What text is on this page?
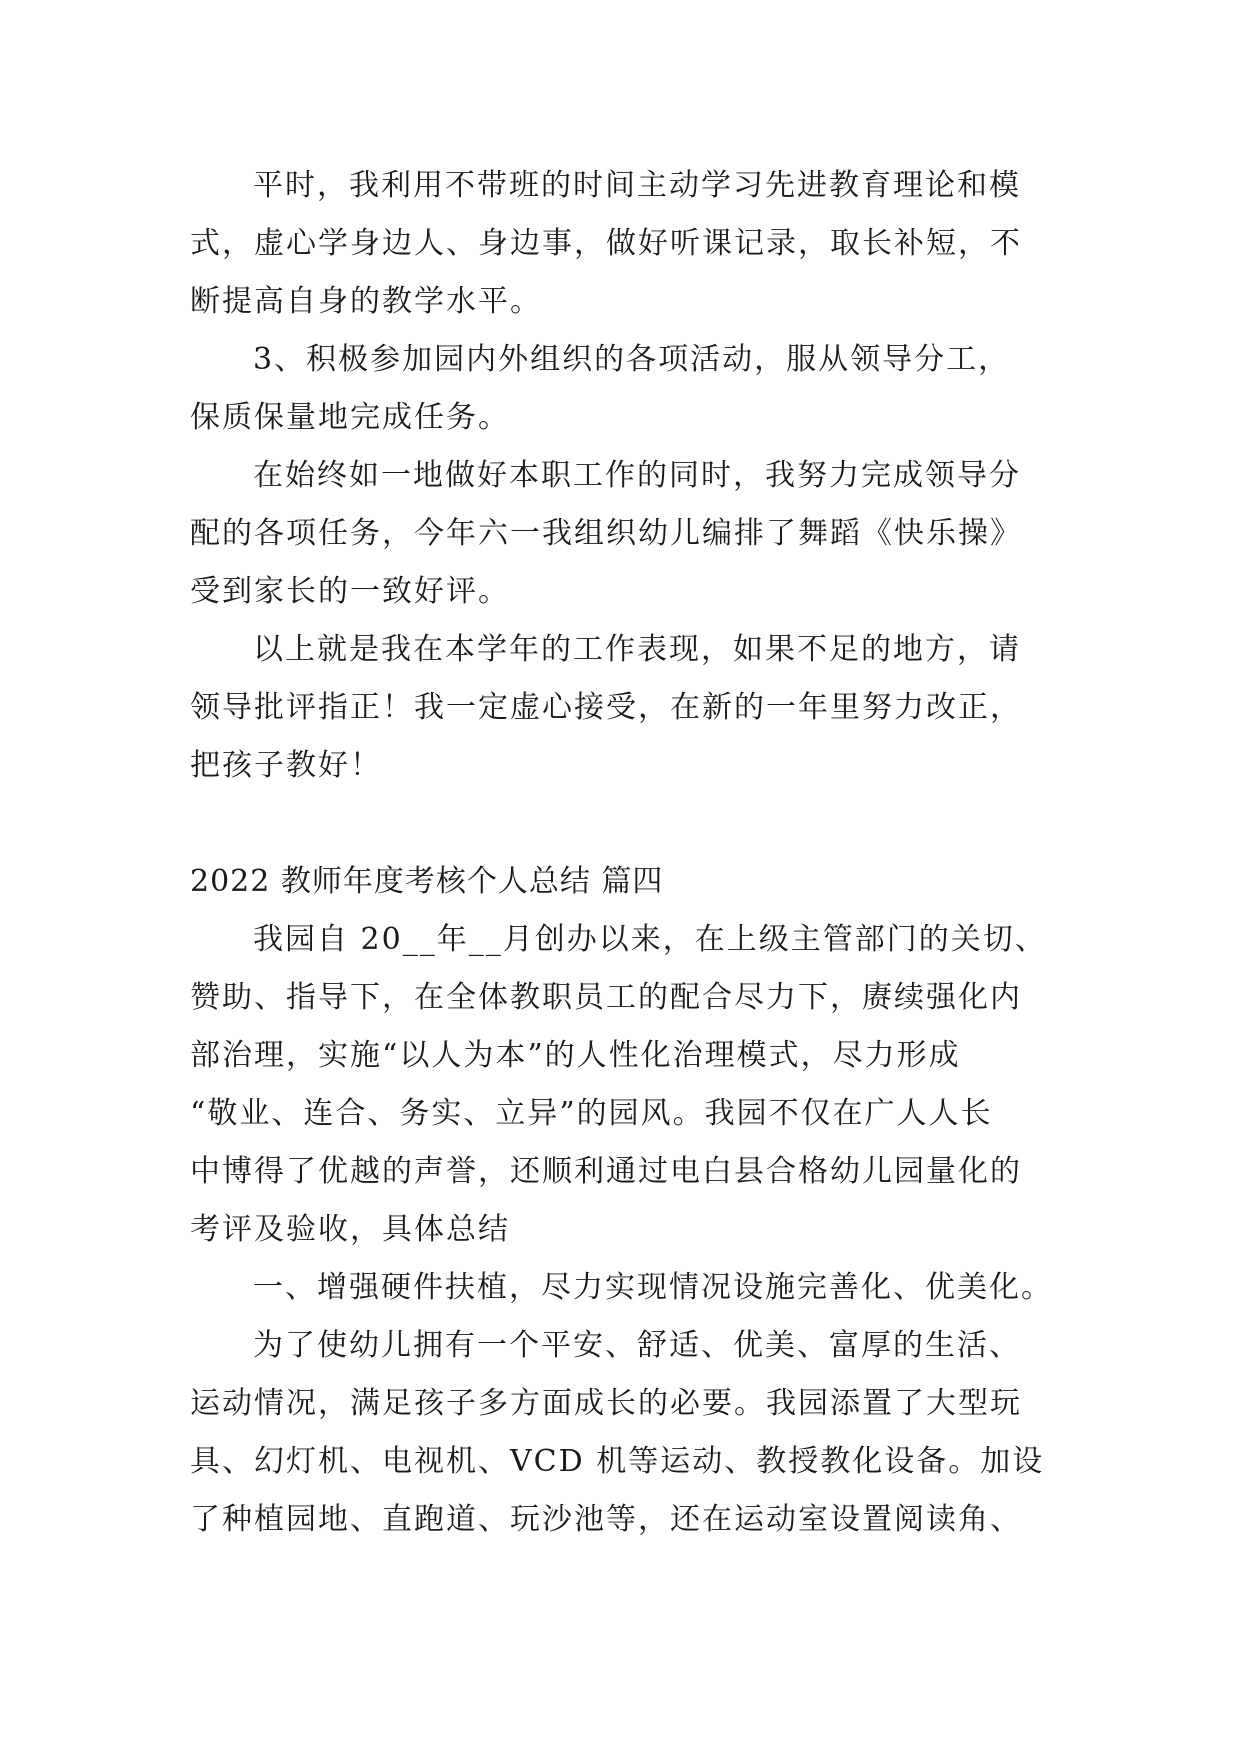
平时，我利用不带班的时间主动学习先进教育理论和模
式，虚心学身边人、身边事，做好听课记录，取长补短，不
断提高自身的教学水平。
3、积极参加园内外组织的各项活动，服从领导分工，
保质保量地完成任务。
在始终如一地做好本职工作的同时，我努力完成领导分
配的各项任务，今年六一我组织幼儿编排了舞蹈《快乐操》
受到家长的一致好评。
以上就是我在本学年的工作表现，如果不足的地方，请
领导批评指正！我一定虚心接受，在新的一年里努力改正，
把孩子教好！
2022 教师年度考核个人总结 篇四
我园自 20__年__月创办以来，在上级主管部门的关切、
赞助、指导下，在全体教职员工的配合尽力下，赓续强化内
部治理，实施“以人为本”的人性化治理模式，尽力形成
“敬业、连合、务实、立异”的园风。我园不仅在广人人长
中博得了优越的声誉，还顺利通过电白县合格幼儿园量化的
考评及验收，具体总结
一、增强硬件扶植，尽力实现情况设施完善化、优美化。
为了使幼儿拥有一个平安、舒适、优美、富厚的生活、
运动情况，满足孩子多方面成长的必要。我园添置了大型玩
具、幻灯机、电视机、VCD 机等运动、教授教化设备。加设
了种植园地、直跑道、玩沙池等，还在运动室设置阅读角、
